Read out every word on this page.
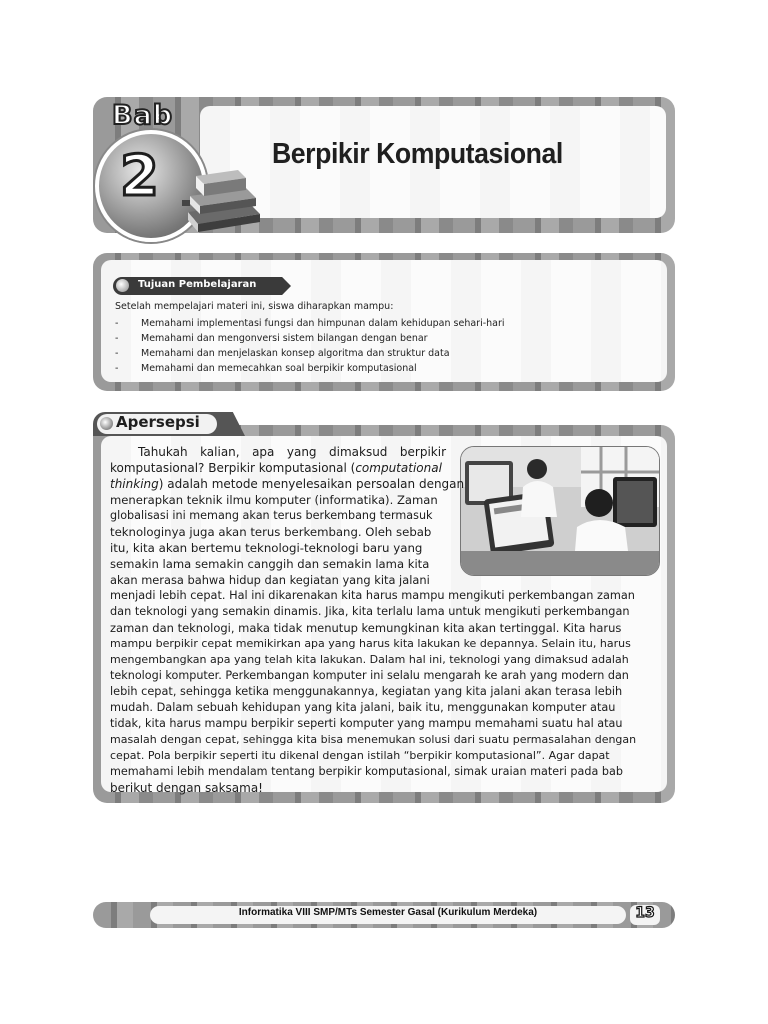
Bab
2	Berpikir Komputasional
Tujuan Pembelajaran
Setelah mempelajari materi ini, siswa diharapkan mampu:
- Memahami implementasi fungsi dan himpunan dalam kehidupan sehari-hari
- Memahami dan mengonversi sistem bilangan dengan benar
- Memahami dan menjelaskan konsep algoritma dan struktur data
- Memahami dan memecahkan soal berpikir komputasional
Apersepsi
Tahukah kalian, apa yang dimaksud berpikir
komputasional? Berpikir komputasional (computational
thinking) adalah metode menyelesaikan persoalan dengan
menerapkan teknik ilmu komputer (informatika). Zaman
globalisasi ini memang akan terus berkembang termasuk
teknologinya juga akan terus berkembang. Oleh sebab
itu, kita akan bertemu teknologi-teknologi baru yang
semakin lama semakin canggih dan semakin lama kita
akan merasa bahwa hidup dan kegiatan yang kita jalani
menjadi lebih cepat. Hal ini dikarenakan kita harus mampu mengikuti perkembangan zaman
dan teknologi yang semakin dinamis. Jika, kita terlalu lama untuk mengikuti perkembangan
zaman dan teknologi, maka tidak menutup kemungkinan kita akan tertinggal. Kita harus
mampu berpikir cepat memikirkan apa yang harus kita lakukan ke depannya. Selain itu, harus
mengembangkan apa yang telah kita lakukan. Dalam hal ini, teknologi yang dimaksud adalah
teknologi komputer. Perkembangan komputer ini selalu mengarah ke arah yang modern dan
lebih cepat, sehingga ketika menggunakannya, kegiatan yang kita jalani akan terasa lebih
mudah. Dalam sebuah kehidupan yang kita jalani, baik itu, menggunakan komputer atau
tidak, kita harus mampu berpikir seperti komputer yang mampu memahami suatu hal atau
masalah dengan cepat, sehingga kita bisa menemukan solusi dari suatu permasalahan dengan
cepat. Pola berpikir seperti itu dikenal dengan istilah “berpikir komputasional”. Agar dapat
memahami lebih mendalam tentang berpikir komputasional, simak uraian materi pada bab
berikut dengan saksama!
Informatika VIII SMP/MTs Semester Gasal (Kurikulum Merdeka)	13
